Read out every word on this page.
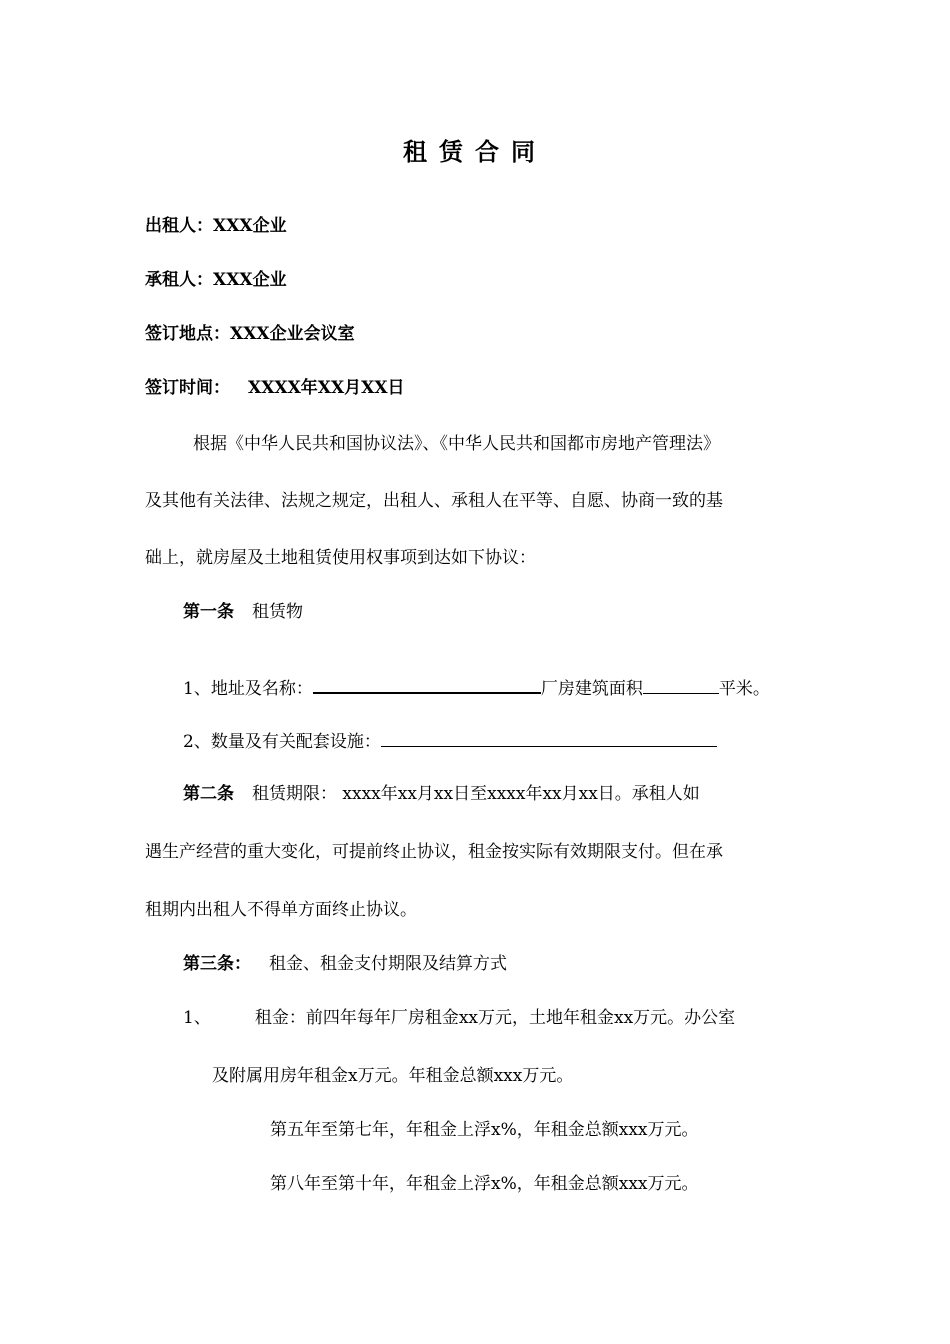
租赁合同
出租人：XXX企业
承租人：XXX企业
签订地点：XXX企业会议室
签订时间： XXXX年XX月XX日
根据《中华人民共和国协议法》、《中华人民共和国都市房地产管理法》
及其他有关法律、法规之规定，出租人、承租人在平等、自愿、协商一致的基
础上，就房屋及土地租赁使用权事项到达如下协议：
第一条 租赁物
1、地址及名称：	厂房建筑面积	平米。
2、数量及有关配套设施：
第二条 租赁期限： xxxx年xx月xx日至xxxx年xx月xx日。承租人如
遇生产经营的重大变化，可提前终止协议，租金按实际有效期限支付。但在承
租期内出租人不得单方面终止协议。
第三条： 租金、租金支付期限及结算方式
1、	租金：前四年每年厂房租金xx万元，土地年租金xx万元。办公室
及附属用房年租金x万元。年租金总额xxx万元。
第五年至第七年，年租金上浮x%，年租金总额xxx万元。
第八年至第十年，年租金上浮x%，年租金总额xxx万元。
